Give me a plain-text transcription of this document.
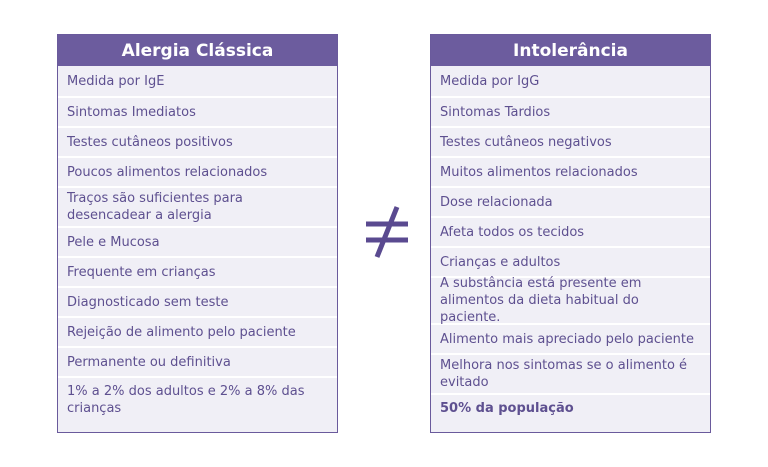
Alergia Clássica
Medida por IgE
Sintomas Imediatos
Testes cutâneos positivos
Poucos alimentos relacionados
Traços são suficientes para desencadear a alergia
Pele e Mucosa
Frequente em crianças
Diagnosticado sem teste
Rejeição de alimento pelo paciente
Permanente ou definitiva
1% a 2% dos adultos e 2% a 8% das crianças
Intolerância
Medida por IgG
Sintomas Tardios
Testes cutâneos negativos
Muitos alimentos relacionados
Dose relacionada
Afeta todos os tecidos
Crianças e adultos
A substância está presente em alimentos da dieta habitual do paciente.
Alimento mais apreciado pelo paciente
Melhora nos sintomas se o alimento é evitado
50% da população
